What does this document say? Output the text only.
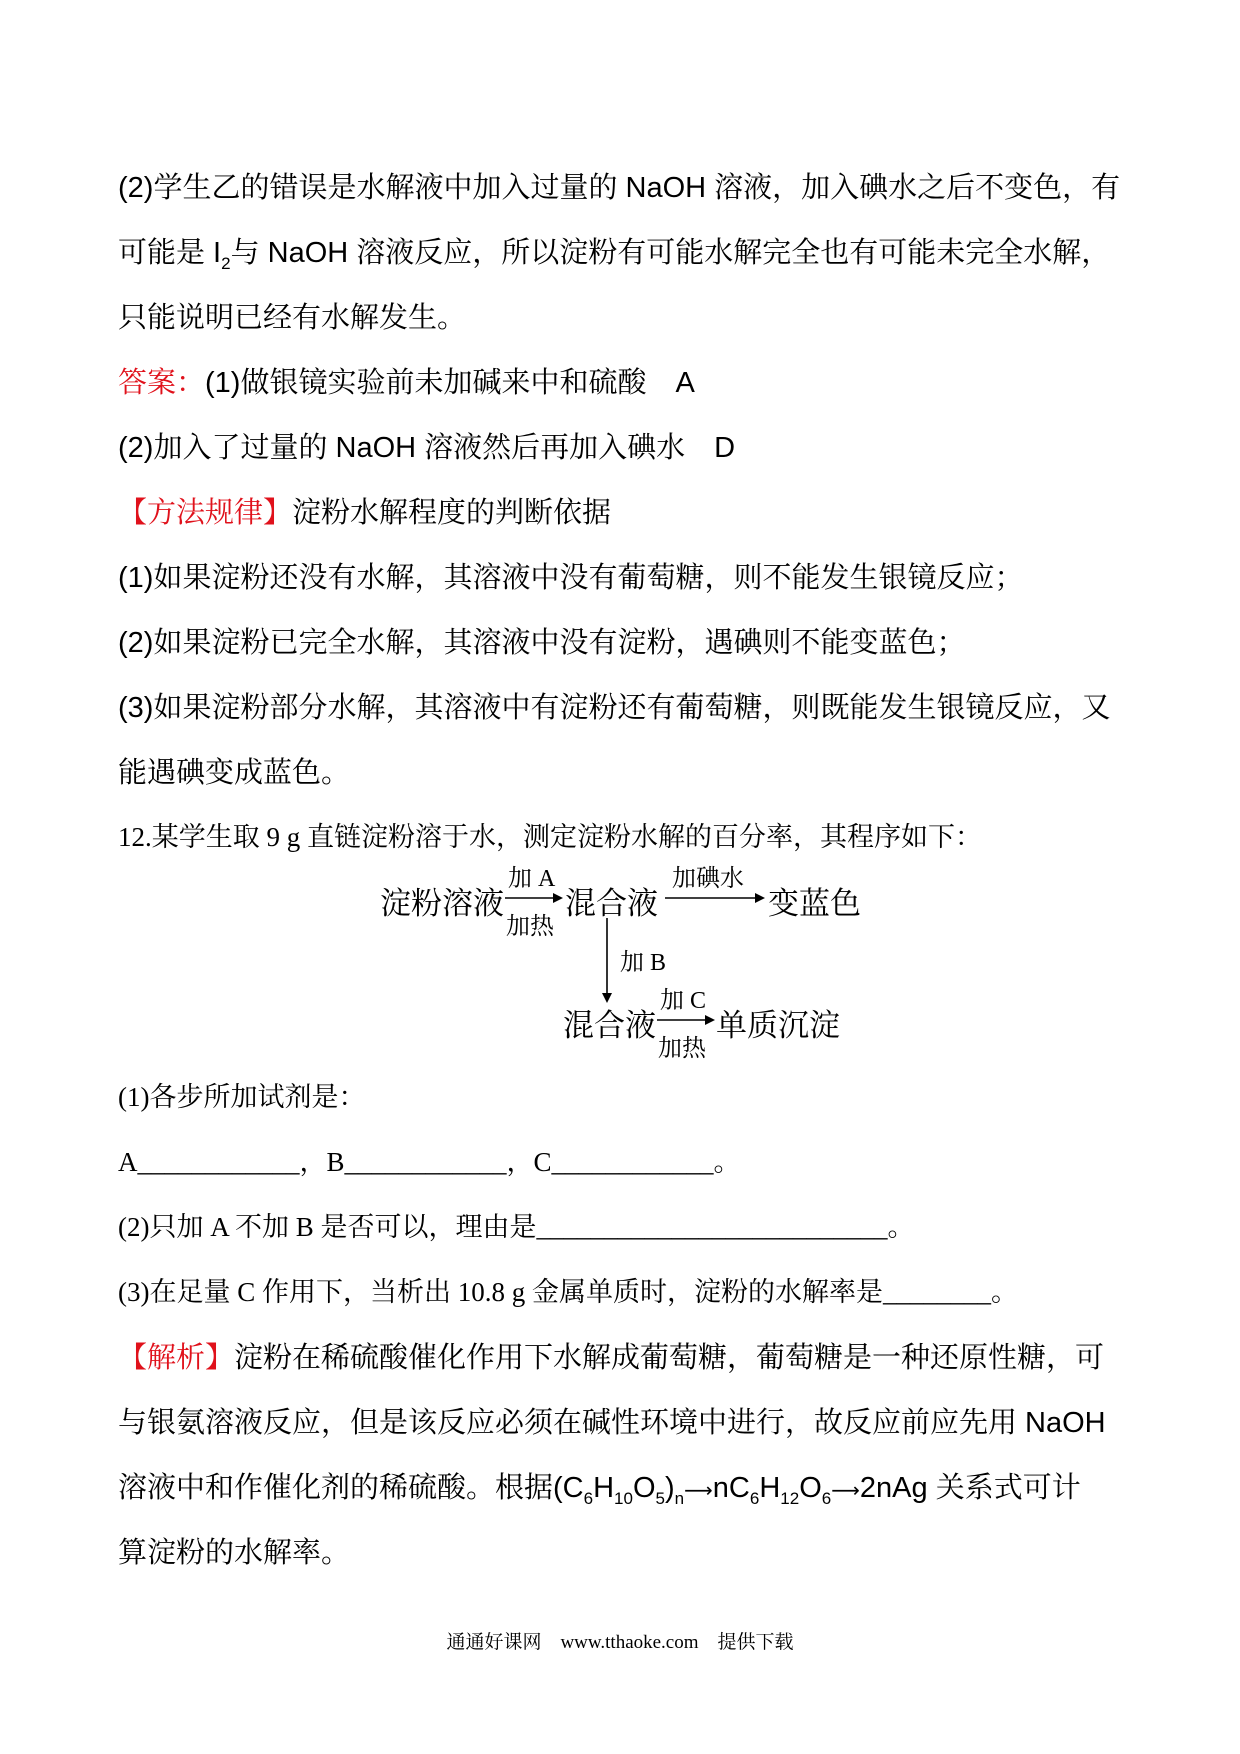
(2)学生乙的错误是水解液中加入过量的 NaOH 溶液，加入碘水之后不变色，有
可能是 $I_2$与 NaOH 溶液反应，所以淀粉有可能水解完全也有可能未完全水解，
只能说明已经有水解发生。
答案：(1)做银镜实验前未加碱来中和硫酸　A
(2)加入了过量的 NaOH 溶液然后再加入碘水　D
【方法规律】淀粉水解程度的判断依据
(1)如果淀粉还没有水解，其溶液中没有葡萄糖，则不能发生银镜反应；
(2)如果淀粉已完全水解，其溶液中没有淀粉，遇碘则不能变蓝色；
(3)如果淀粉部分水解，其溶液中有淀粉还有葡萄糖，则既能发生银镜反应，又
能遇碘变成蓝色。
12.某学生取 9 g 直链淀粉溶于水，测定淀粉水解的百分率，其程序如下：
淀粉溶液
加 A
加热
混合液
加碘水
变蓝色
加 B
混合液
加 C
加热
单质沉淀
(1)各步所加试剂是：
A____________，B____________，C____________。
(2)只加 A 不加 B 是否可以，理由是__________________________。
(3)在足量 C 作用下，当析出 10.8 g 金属单质时，淀粉的水解率是________。
【解析】淀粉在稀硫酸催化作用下水解成葡萄糖，葡萄糖是一种还原性糖，可
与银氨溶液反应，但是该反应必须在碱性环境中进行，故反应前应先用 NaOH
溶液中和作催化剂的稀硫酸。根据$(C_6H_{10}O_5)_n⟶nC_6H_{12}O_6⟶2nAg$ 关系式可计
算淀粉的水解率。
通通好课网　www.tthaoke.com　提供下载
